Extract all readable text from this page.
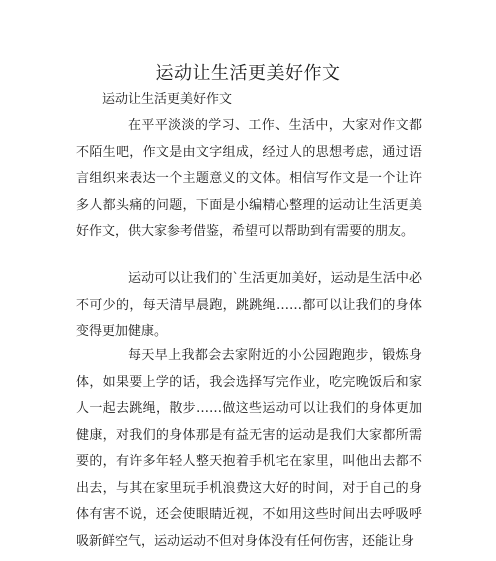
运动让生活更美好作文
运动让生活更美好作文

在平平淡淡的学习、工作、生活中，大家对作文都不陌生吧，作文是由文字组成，经过人的思想考虑，通过语言组织来表达一个主题意义的文体。相信写作文是一个让许多人都头痛的问题，下面是小编精心整理的运动让生活更美好作文，供大家参考借鉴，希望可以帮助到有需要的朋友。

运动可以让我们的`生活更加美好，运动是生活中必不可少的，每天清早晨跑，跳跳绳……都可以让我们的身体变得更加健康。

每天早上我都会去家附近的小公园跑跑步，锻炼身体，如果要上学的话，我会选择写完作业，吃完晚饭后和家人一起去跳绳，散步……做这些运动可以让我们的身体更加健康，对我们的身体那是有益无害的运动是我们大家都所需要的，有许多年轻人整天抱着手机宅在家里，叫他出去都不出去，与其在家里玩手机浪费这大好的时间，对于自己的身体有害不说，还会使眼睛近视，不如用这些时间出去呼吸呼吸新鲜空气，运动运动不但对身体没有任何伤害，还能让身
